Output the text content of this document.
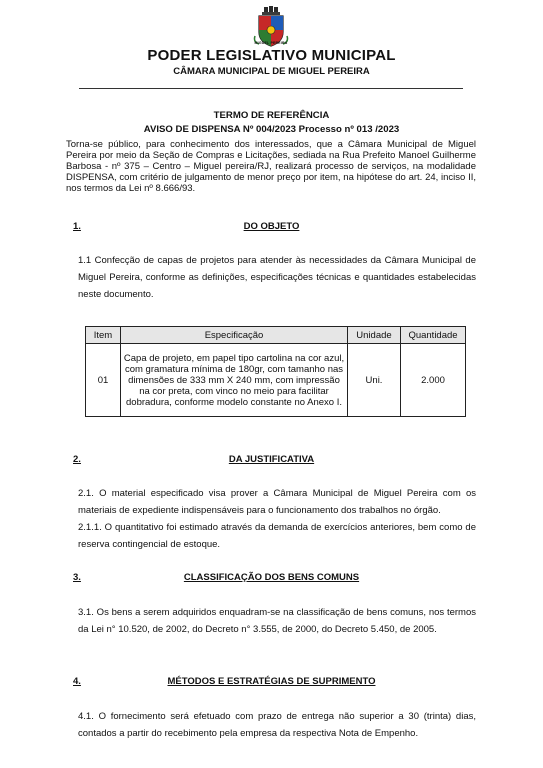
MIGUEL PEREIRA
PODER LEGISLATIVO MUNICIPAL
CÂMARA MUNICIPAL DE MIGUEL PEREIRA
TERMO DE REFERÊNCIA
AVISO DE DISPENSA Nº 004/2023 Processo nº 013 /2023
Torna-se público, para conhecimento dos interessados, que a Câmara Municipal de Miguel Pereira por meio da Seção de Compras e Licitações, sediada na Rua Prefeito Manoel Guilherme Barbosa - nº 375 – Centro – Miguel pereira/RJ, realizará processo de serviços, na modalidade DISPENSA, com critério de julgamento de menor preço por item, na hipótese do art. 24, inciso II, nos termos da Lei nº 8.666/93.
1.	DO OBJETO

1.1 Confecção de capas de projetos para atender às necessidades da Câmara Municipal de Miguel Pereira, conforme as definições, especificações técnicas e quantidades estabelecidas neste documento.

Item	Especificação	Unidade	Quantidade
01	Capa de projeto, em papel tipo cartolina na cor azul, com gramatura mínima de 180gr, com tamanho nas dimensões de 333 mm X 240 mm, com impressão na cor preta, com vinco no meio para facilitar dobradura, conforme modelo constante no Anexo I.	Uni.	2.000
2.	DA JUSTIFICATIVA

2.1. O material especificado visa prover a Câmara Municipal de Miguel Pereira com os materiais de expediente indispensáveis para o funcionamento dos trabalhos no órgão.

2.1.1. O quantitativo foi estimado através da demanda de exercícios anteriores, bem como de reserva contingencial de estoque.

3.	CLASSIFICAÇÃO DOS BENS COMUNS

3.1. Os bens a serem adquiridos enquadram-se na classificação de bens comuns, nos termos da Lei n° 10.520, de 2002, do Decreto n° 3.555, de 2000, do Decreto 5.450, de 2005.

4.	MÉTODOS E ESTRATÉGIAS DE SUPRIMENTO

4.1. O fornecimento será efetuado com prazo de entrega não superior a 30 (trinta) dias, contados a partir do recebimento pela empresa da respectiva Nota de Empenho.
